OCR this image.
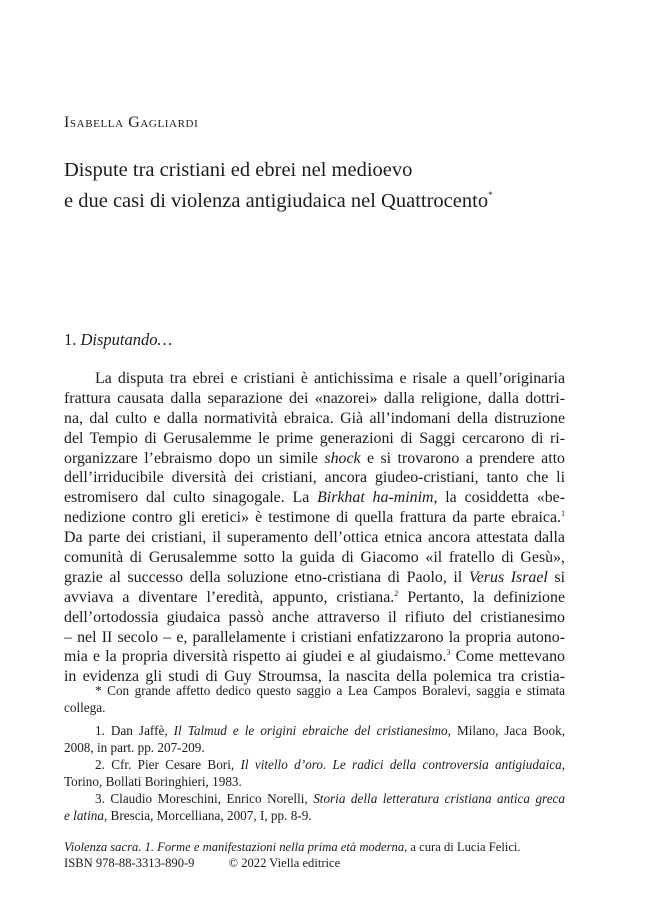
Isabella Gagliardi
Dispute tra cristiani ed ebrei nel medioevo
e due casi di violenza antigiudaica nel Quattrocento*
1. Disputando…
La disputa tra ebrei e cristiani è antichissima e risale a quell’originaria
frattura causata dalla separazione dei «nazorei» dalla religione, dalla dottri-
na, dal culto e dalla normatività ebraica. Già all’indomani della distruzione
del Tempio di Gerusalemme le prime generazioni di Saggi cercarono di ri-
organizzare l’ebraismo dopo un simile shock e si trovarono a prendere atto
dell’irriducibile diversità dei cristiani, ancora giudeo-cristiani, tanto che li
estromisero dal culto sinagogale. La Birkhat ha-minim, la cosiddetta «be-
nedizione contro gli eretici» è testimone di quella frattura da parte ebraica.$^1$
Da parte dei cristiani, il superamento dell’ottica etnica ancora attestata dalla
comunità di Gerusalemme sotto la guida di Giacomo «il fratello di Gesù»,
grazie al successo della soluzione etno-cristiana di Paolo, il Verus Israel si
avviava a diventare l’eredità, appunto, cristiana.$^2$ Pertanto, la definizione
dell’ortodossia giudaica passò anche attraverso il rifiuto del cristianesimo
– nel II secolo – e, parallelamente i cristiani enfatizzarono la propria autono-
mia e la propria diversità rispetto ai giudei e al giudaismo.$^3$ Come mettevano
in evidenza gli studi di Guy Stroumsa, la nascita della polemica tra cristia-
* Con grande affetto dedico questo saggio a Lea Campos Boralevi, saggia e stimata
collega.
1. Dan Jaffè, Il Talmud e le origini ebraiche del cristianesimo, Milano, Jaca Book,
2008, in part. pp. 207-209.
2. Cfr. Pier Cesare Bori, Il vitello d’oro. Le radici della controversia antigiudaica,
Torino, Bollati Boringhieri, 1983.
3. Claudio Moreschini, Enrico Norelli, Storia della letteratura cristiana antica greca
e latina, Brescia, Morcelliana, 2007, I, pp. 8-9.
Violenza sacra. 1. Forme e manifestazioni nella prima età moderna, a cura di Lucia Felici.
ISBN 978-88-3313-890-9	© 2022 Viella editrice
